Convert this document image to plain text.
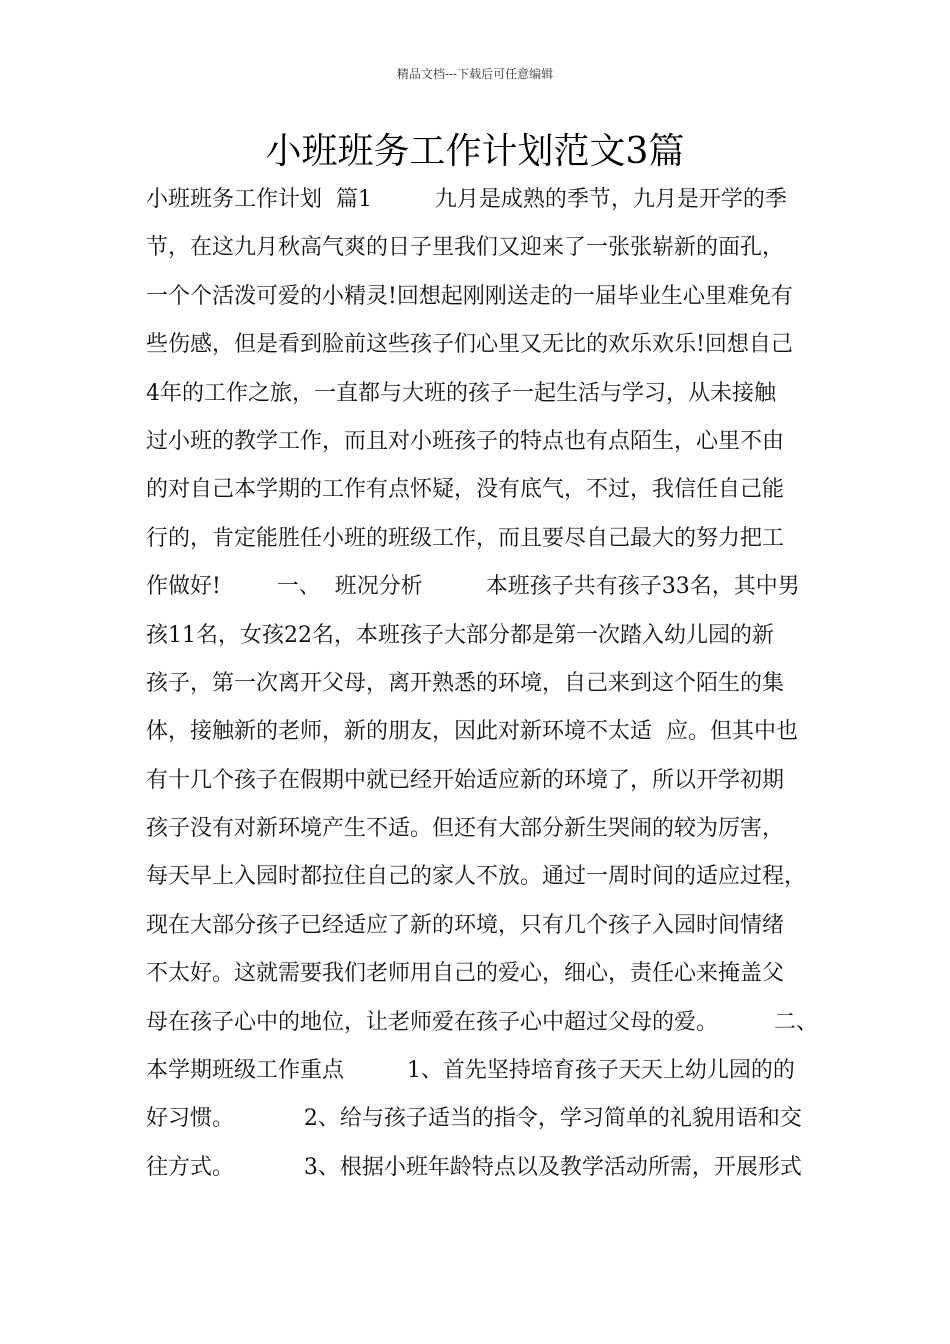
精品文档---下载后可任意编辑
小班班务工作计划范文3篇
小班班务工作计划  篇1         九月是成熟的季节，九月是开学的季
节，在这九月秋高气爽的日子里我们又迎来了一张张崭新的面孔，
一个个活泼可爱的小精灵!回想起刚刚送走的一届毕业生心里难免有
些伤感，但是看到脸前这些孩子们心里又无比的欢乐欢乐!回想自己
4年的工作之旅，一直都与大班的孩子一起生活与学习，从未接触
过小班的教学工作，而且对小班孩子的特点也有点陌生，心里不由
的对自己本学期的工作有点怀疑，没有底气，不过，我信任自己能
行的，肯定能胜任小班的班级工作，而且要尽自己最大的努力把工
作做好!        一、  班况分析         本班孩子共有孩子33名，其中男
孩11名，女孩22名，本班孩子大部分都是第一次踏入幼儿园的新
孩子，第一次离开父母，离开熟悉的环境，自己来到这个陌生的集
体，接触新的老师，新的朋友，因此对新环境不太适  应。但其中也
有十几个孩子在假期中就已经开始适应新的环境了，所以开学初期
孩子没有对新环境产生不适。但还有大部分新生哭闹的较为厉害，
每天早上入园时都拉住自己的家人不放。通过一周时间的适应过程，
现在大部分孩子已经适应了新的环境，只有几个孩子入园时间情绪
不太好。这就需要我们老师用自己的爱心，细心，责任心来掩盖父
母在孩子心中的地位，让老师爱在孩子心中超过父母的爱。        二、
本学期班级工作重点         1、首先坚持培育孩子天天上幼儿园的的
好习惯。          2、给与孩子适当的指令，学习简单的礼貌用语和交
往方式。          3、根据小班年龄特点以及教学活动所需，开展形式
